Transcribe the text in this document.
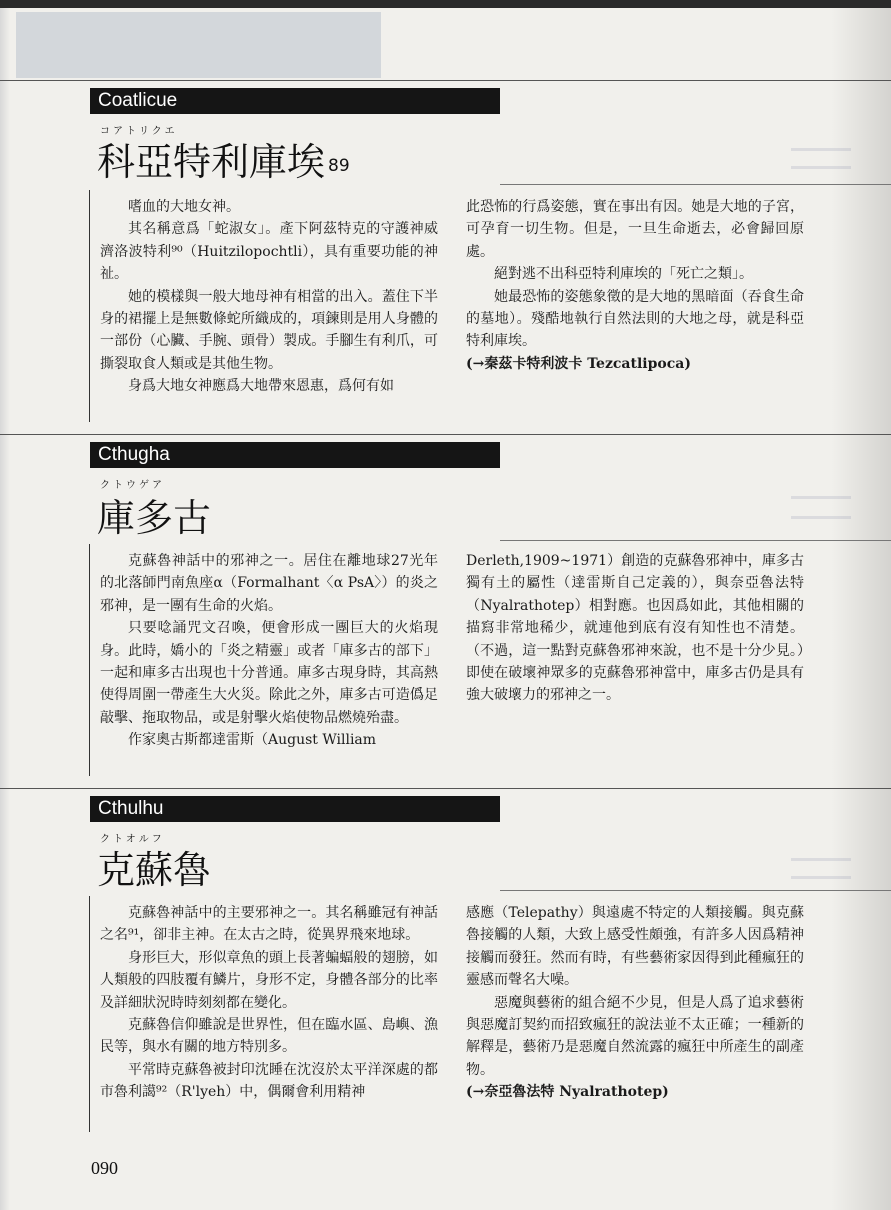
Coatlicue
コアトリクエ
科亞特利庫埃 $^{89}$

嗜血的大地女神。

其名稱意爲「蛇淑女」。產下阿茲特克的守護神威濟洛波特利⁹⁰（Huitzilopochtli），具有重要功能的神祉。

她的模樣與一般大地母神有相當的出入。蓋住下半身的裙擺上是無數條蛇所織成的，項鍊則是用人身體的一部份（心臟、手腕、頭骨）製成。手腳生有利爪，可撕裂取食人類或是其他生物。

身爲大地女神應爲大地帶來恩惠，爲何有如

此恐怖的行爲姿態，實在事出有因。她是大地的子宮，可孕育一切生物。但是，一旦生命逝去，必會歸回原處。

絕對逃不出科亞特利庫埃的「死亡之類」。

她最恐怖的姿態象徵的是大地的黑暗面（吞食生命的墓地）。殘酷地執行自然法則的大地之母，就是科亞特利庫埃。

(→秦茲卡特利波卡 Tezcatlipoca)

Cthugha
クトウゲア
庫多古

克蘇魯神話中的邪神之一。居住在離地球27光年的北落師門南魚座α（Formalhant〈α PsA〉）的炎之邪神，是一團有生命的火焰。

只要唸誦咒文召喚，便會形成一團巨大的火焰現身。此時，嬌小的「炎之精靈」或者「庫多古的部下」一起和庫多古出現也十分普通。庫多古現身時，其高熱使得周圍一帶產生大火災。除此之外，庫多古可造僞足敲擊、拖取物品，或是射擊火焰使物品燃燒殆盡。

作家奧古斯都達雷斯（August William

Derleth,1909~1971）創造的克蘇魯邪神中，庫多古獨有土的屬性（達雷斯自己定義的），與奈亞魯法特（Nyalrathotep）相對應。也因爲如此，其他相關的描寫非常地稀少，就連他到底有沒有知性也不清楚。（不過，這一點對克蘇魯邪神來說，也不是十分少見。）即使在破壞神眾多的克蘇魯邪神當中，庫多古仍是具有強大破壞力的邪神之一。

Cthulhu
クトオルフ
克蘇魯

克蘇魯神話中的主要邪神之一。其名稱雖冠有神話之名⁹¹，卻非主神。在太古之時，從異界飛來地球。

身形巨大，形似章魚的頭上長著蝙蝠般的翅膀，如人類般的四肢覆有鱗片，身形不定，身體各部分的比率及詳細狀況時時刻刻都在變化。

克蘇魯信仰雖說是世界性，但在臨水區、島嶼、漁民等，與水有關的地方特別多。

平常時克蘇魯被封印沈睡在沈沒於太平洋深處的都市魯利譪⁹²（R'lyeh）中，偶爾會利用精神

感應（Telepathy）與遠處不特定的人類接觸。與克蘇魯接觸的人類，大致上感受性頗強，有許多人因爲精神接觸而發狂。然而有時，有些藝術家因得到此種瘋狂的靈感而聲名大噪。

惡魔與藝術的組合絕不少見，但是人爲了追求藝術與惡魔訂契約而招致瘋狂的說法並不太正確；一種新的解釋是，藝術乃是惡魔自然流露的瘋狂中所產生的副產物。

(→奈亞魯法特 Nyalrathotep)

090
